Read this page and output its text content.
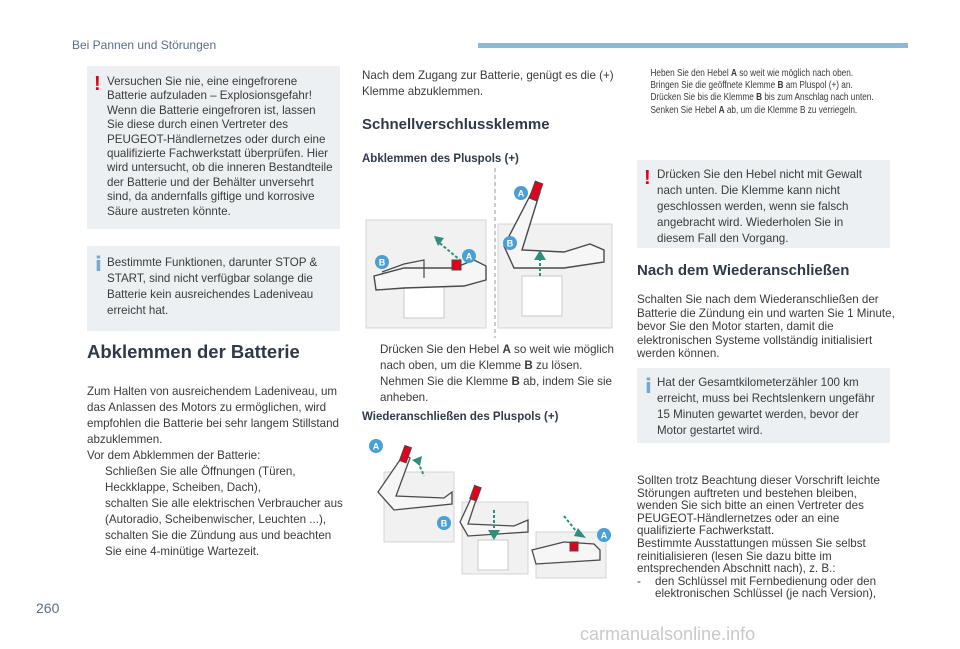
Bei Pannen und Störungen
! Versuchen Sie nie, eine eingefrorene Batterie aufzuladen – Explosionsgefahr! Wenn die Batterie eingefroren ist, lassen Sie diese durch einen Vertreter des PEUGEOT-Händlernetzes oder durch eine qualifizierte Fachwerkstatt überprüfen. Hier wird untersucht, ob die inneren Bestandteile der Batterie und der Behälter unversehrt sind, da andernfalls giftige und korrosive Säure austreten könnte.

i Bestimmte Funktionen, darunter STOP & START, sind nicht verfügbar solange die Batterie kein ausreichendes Ladeniveau erreicht hat.

Abklemmen der Batterie

Zum Halten von ausreichendem Ladeniveau, um das Anlassen des Motors zu ermöglichen, wird empfohlen die Batterie bei sehr langem Stillstand abzuklemmen.

Vor dem Abklemmen der Batterie:

Schließen Sie alle Öffnungen (Türen, Heckklappe, Scheiben, Dach),
schalten Sie alle elektrischen Verbraucher aus (Autoradio, Scheibenwischer, Leuchten ...),
schalten Sie die Zündung aus und beachten Sie eine 4-minütige Wartezeit.

Nach dem Zugang zur Batterie, genügt es die (+) Klemme abzuklemmen.

Schnellverschlussklemme
Abklemmen des Pluspols (+)
A
B
A
B
Drücken Sie den Hebel A so weit wie möglich nach oben, um die Klemme B zu lösen.
Nehmen Sie die Klemme B ab, indem Sie sie anheben.
Wiederanschließen des Pluspols (+)
A
B
A
Heben Sie den Hebel A so weit wie möglich nach oben.
Bringen Sie die geöffnete Klemme B am Pluspol (+) an.
Drücken Sie bis die Klemme B bis zum Anschlag nach unten.
Senken Sie Hebel A ab, um die Klemme B zu verriegeln.
! Drücken Sie den Hebel nicht mit Gewalt nach unten. Die Klemme kann nicht geschlossen werden, wenn sie falsch angebracht wird. Wiederholen Sie in diesem Fall den Vorgang.

Nach dem Wiederanschließen

Schalten Sie nach dem Wiederanschließen der Batterie die Zündung ein und warten Sie 1 Minute, bevor Sie den Motor starten, damit die elektronischen Systeme vollständig initialisiert werden können.

i Hat der Gesamtkilometerzähler 100 km erreicht, muss bei Rechtslenkern ungefähr 15 Minuten gewartet werden, bevor der Motor gestartet wird.

Sollten trotz Beachtung dieser Vorschrift leichte Störungen auftreten und bestehen bleiben, wenden Sie sich bitte an einen Vertreter des PEUGEOT-Händlernetzes oder an eine qualifizierte Fachwerkstatt.

Bestimmte Ausstattungen müssen Sie selbst reinitialisieren (lesen Sie dazu bitte im entsprechenden Abschnitt nach), z. B.:

- den Schlüssel mit Fernbedienung oder den elektronischen Schlüssel (je nach Version),
260
carmanualsonline.info
